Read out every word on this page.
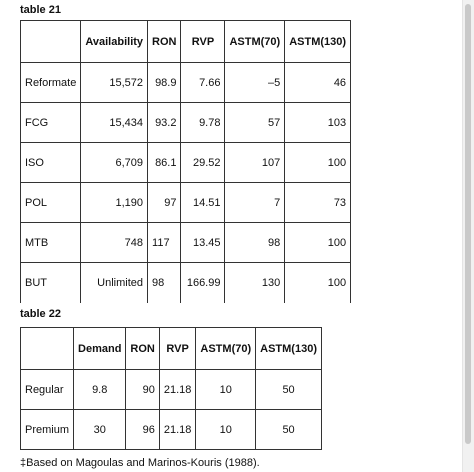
table 21
	Availability	RON	RVP	ASTM(70)	ASTM(130)
Reformate	15,572	98.9	7.66	–5	46
FCG	15,434	93.2	9.78	57	103
ISO	6,709	86.1	29.52	107	100
POL	1,190	97	14.51	7	73
MTB	748	117	13.45	98	100
BUT	Unlimited	98	166.99	130	100
table 22
	Demand	RON	RVP	ASTM(70)	ASTM(130)
Regular	9.8	90	21.18	10	50
Premium	30	96	21.18	10	50
‡Based on Magoulas and Marinos-Kouris (1988).
